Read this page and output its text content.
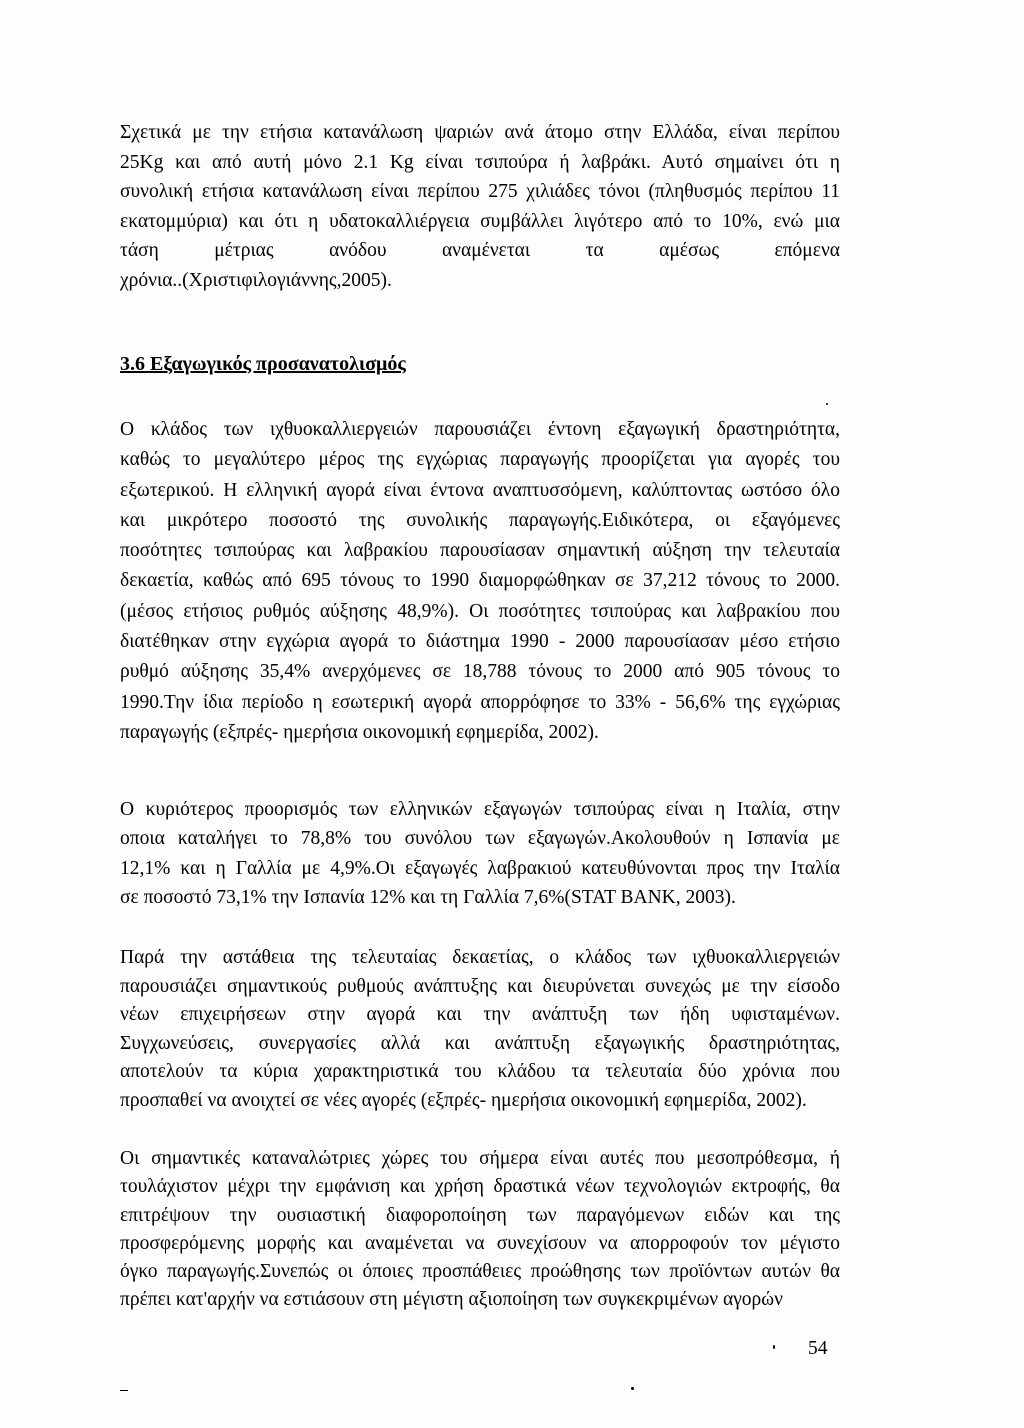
Σχετικά με την ετήσια κατανάλωση ψαριών ανά άτομο στην Ελλάδα, είναι περίπου
25Kg και από αυτή μόνο 2.1 Kg είναι τσιπούρα ή λαβράκι. Αυτό σημαίνει ότι η
συνολική ετήσια κατανάλωση είναι περίπου 275 χιλιάδες τόνοι (πληθυσμός περίπου 11
εκατομμύρια) και ότι η υδατοκαλλιέργεια συμβάλλει λιγότερο από το 10%, ενώ μια
τάση μέτριας ανόδου αναμένεται τα αμέσως επόμενα
χρόνια..(Χριστιφιλογιάννης,2005).
3.6 Εξαγωγικός προσανατολισμός
Ο κλάδος των ιχθυοκαλλιεργειών παρουσιάζει έντονη εξαγωγική δραστηριότητα,
καθώς το μεγαλύτερο μέρος της εγχώριας παραγωγής προορίζεται για αγορές του
εξωτερικού. Η ελληνική αγορά είναι έντονα αναπτυσσόμενη, καλύπτοντας ωστόσο όλο
και μικρότερο ποσοστό της συνολικής παραγωγής.Ειδικότερα, οι εξαγόμενες
ποσότητες τσιπούρας και λαβρακίου παρουσίασαν σημαντική αύξηση την τελευταία
δεκαετία, καθώς από 695 τόνους το 1990 διαμορφώθηκαν σε 37,212 τόνους το 2000.
(μέσος ετήσιος ρυθμός αύξησης 48,9%). Οι ποσότητες τσιπούρας και λαβρακίου που
διατέθηκαν στην εγχώρια αγορά το διάστημα 1990 - 2000 παρουσίασαν μέσο ετήσιο
ρυθμό αύξησης 35,4% ανερχόμενες σε 18,788 τόνους το 2000 από 905 τόνους το
1990.Την ίδια περίοδο η εσωτερική αγορά απορρόφησε το 33% - 56,6% της εγχώριας
παραγωγής (εξπρές- ημερήσια οικονομική εφημερίδα, 2002).
Ο κυριότερος προορισμός των ελληνικών εξαγωγών τσιπούρας είναι η Ιταλία, στην
οποια καταλήγει το 78,8% του συνόλου των εξαγωγών.Ακολουθούν η Ισπανία με
12,1% και η Γαλλία με 4,9%.Οι εξαγωγές λαβρακιού κατευθύνονται προς την Ιταλία
σε ποσοστό 73,1% την Ισπανία 12% και τη Γαλλία 7,6%(STAT BANK, 2003).
Παρά την αστάθεια της τελευταίας δεκαετίας, ο κλάδος των ιχθυοκαλλιεργειών
παρουσιάζει σημαντικούς ρυθμούς ανάπτυξης και διευρύνεται συνεχώς με την είσοδο
νέων επιχειρήσεων στην αγορά και την ανάπτυξη των ήδη υφισταμένων.
Συγχωνεύσεις, συνεργασίες αλλά και ανάπτυξη εξαγωγικής δραστηριότητας,
αποτελούν τα κύρια χαρακτηριστικά του κλάδου τα τελευταία δύο χρόνια που
προσπαθεί να ανοιχτεί σε νέες αγορές (εξπρές- ημερήσια οικονομική εφημερίδα, 2002).
Οι σημαντικές καταναλώτριες χώρες του σήμερα είναι αυτές που μεσοπρόθεσμα, ή
τουλάχιστον μέχρι την εμφάνιση και χρήση δραστικά νέων τεχνολογιών εκτροφής, θα
επιτρέψουν την ουσιαστική διαφοροποίηση των παραγόμενων ειδών και της
προσφερόμενης μορφής και αναμένεται να συνεχίσουν να απορροφούν τον μέγιστο
όγκο παραγωγής.Συνεπώς οι όποιες προσπάθειες προώθησης των προϊόντων αυτών θα
πρέπει κατ'αρχήν να εστιάσουν στη μέγιστη αξιοποίηση των συγκεκριμένων αγορών
54
